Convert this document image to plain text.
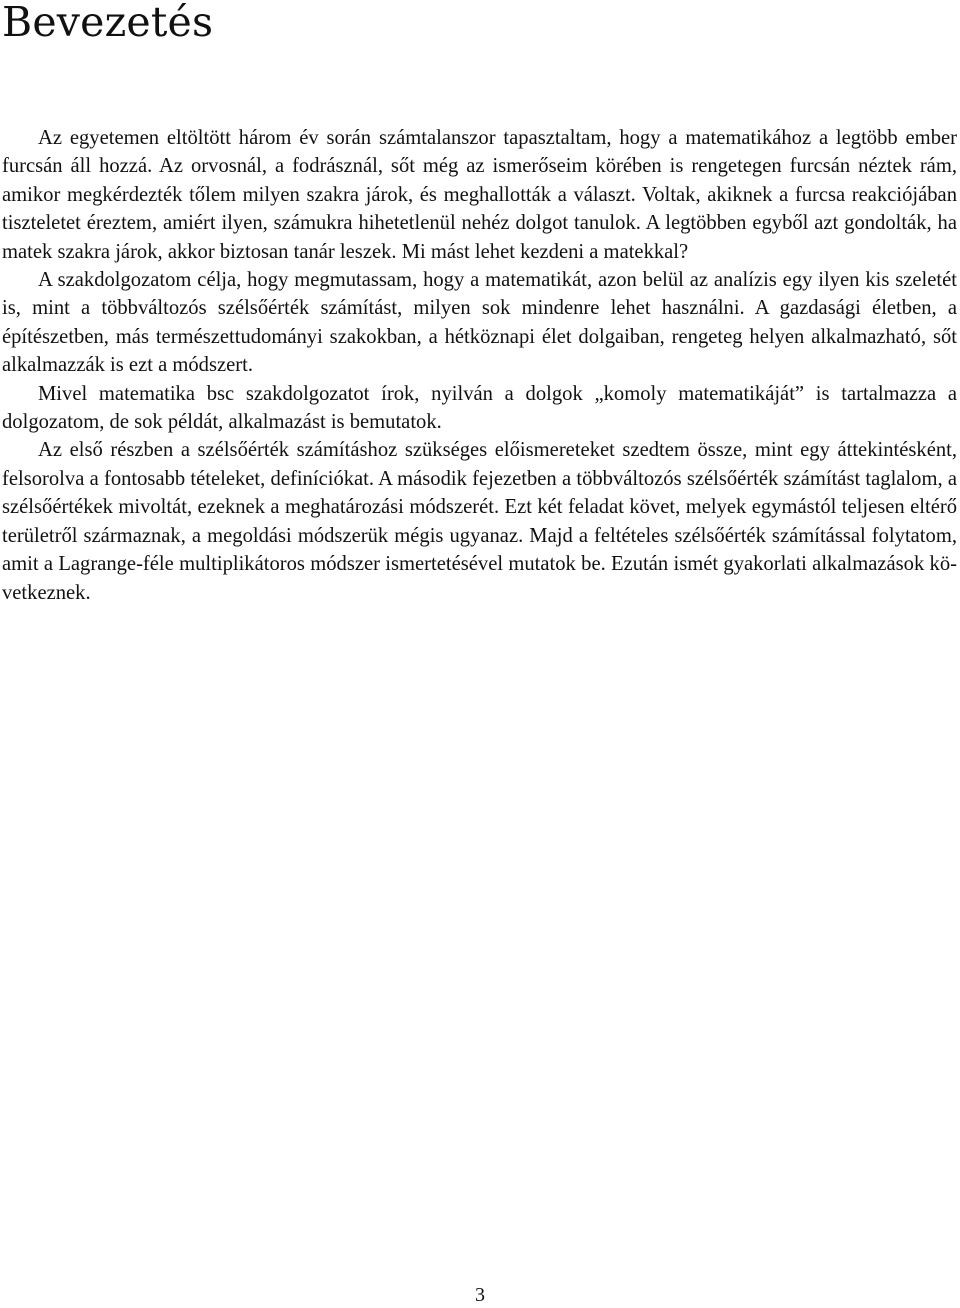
Bevezetés

Az egyetemen eltöltött három év során számtalanszor tapasztaltam, hogy a matematikához a legtöbb ember furcsán áll hozzá. Az orvosnál, a fodrásznál, sőt még az ismerőseim körében is rengetegen furcsán néztek rám, amikor megkérdezték tőlem milyen szakra járok, és meghallották a választ. Voltak, akiknek a furcsa reakciójában tiszteletet éreztem, amiért ilyen, számukra hihetetlenül nehéz dolgot tanulok. A legtöbben egyből azt gondolták, ha matek szakra járok, akkor biztosan tanár leszek. Mi mást lehet kezdeni a matekkal?

A szakdolgozatom célja, hogy megmutassam, hogy a matematikát, azon belül az analízis egy ilyen kis szeletét is, mint a többváltozós szélsőérték számítást, milyen sok mindenre lehet használni. A gazdasági életben, a építészetben, más természettudományi szakokban, a hétköznapi élet dolgaiban, rengeteg helyen alkalmazható, sőt alkalmazzák is ezt a módszert.

Mivel matematika bsc szakdolgozatot írok, nyilván a dolgok „komoly matematikáját” is tartalmazza a dolgozatom, de sok példát, alkalmazást is bemutatok.

Az első részben a szélsőérték számításhoz szükséges előismereteket szedtem össze, mint egy áttekintésként, felsorolva a fontosabb tételeket, definíciókat. A második fejezetben a többváltozós szélsőérték számítást taglalom, a szélsőértékek mivoltát, ezeknek a meghatározási módszerét. Ezt két feladat követ, melyek egymástól teljesen eltérő területről származnak, a megoldási módszerük mégis ugyanaz. Majd a feltételes szélsőérték számítással folytatom, amit a Lagrange-féle multiplikátoros módszer ismertetésével mutatok be. Ezután ismét gyakorlati alkalmazások következnek.

3
